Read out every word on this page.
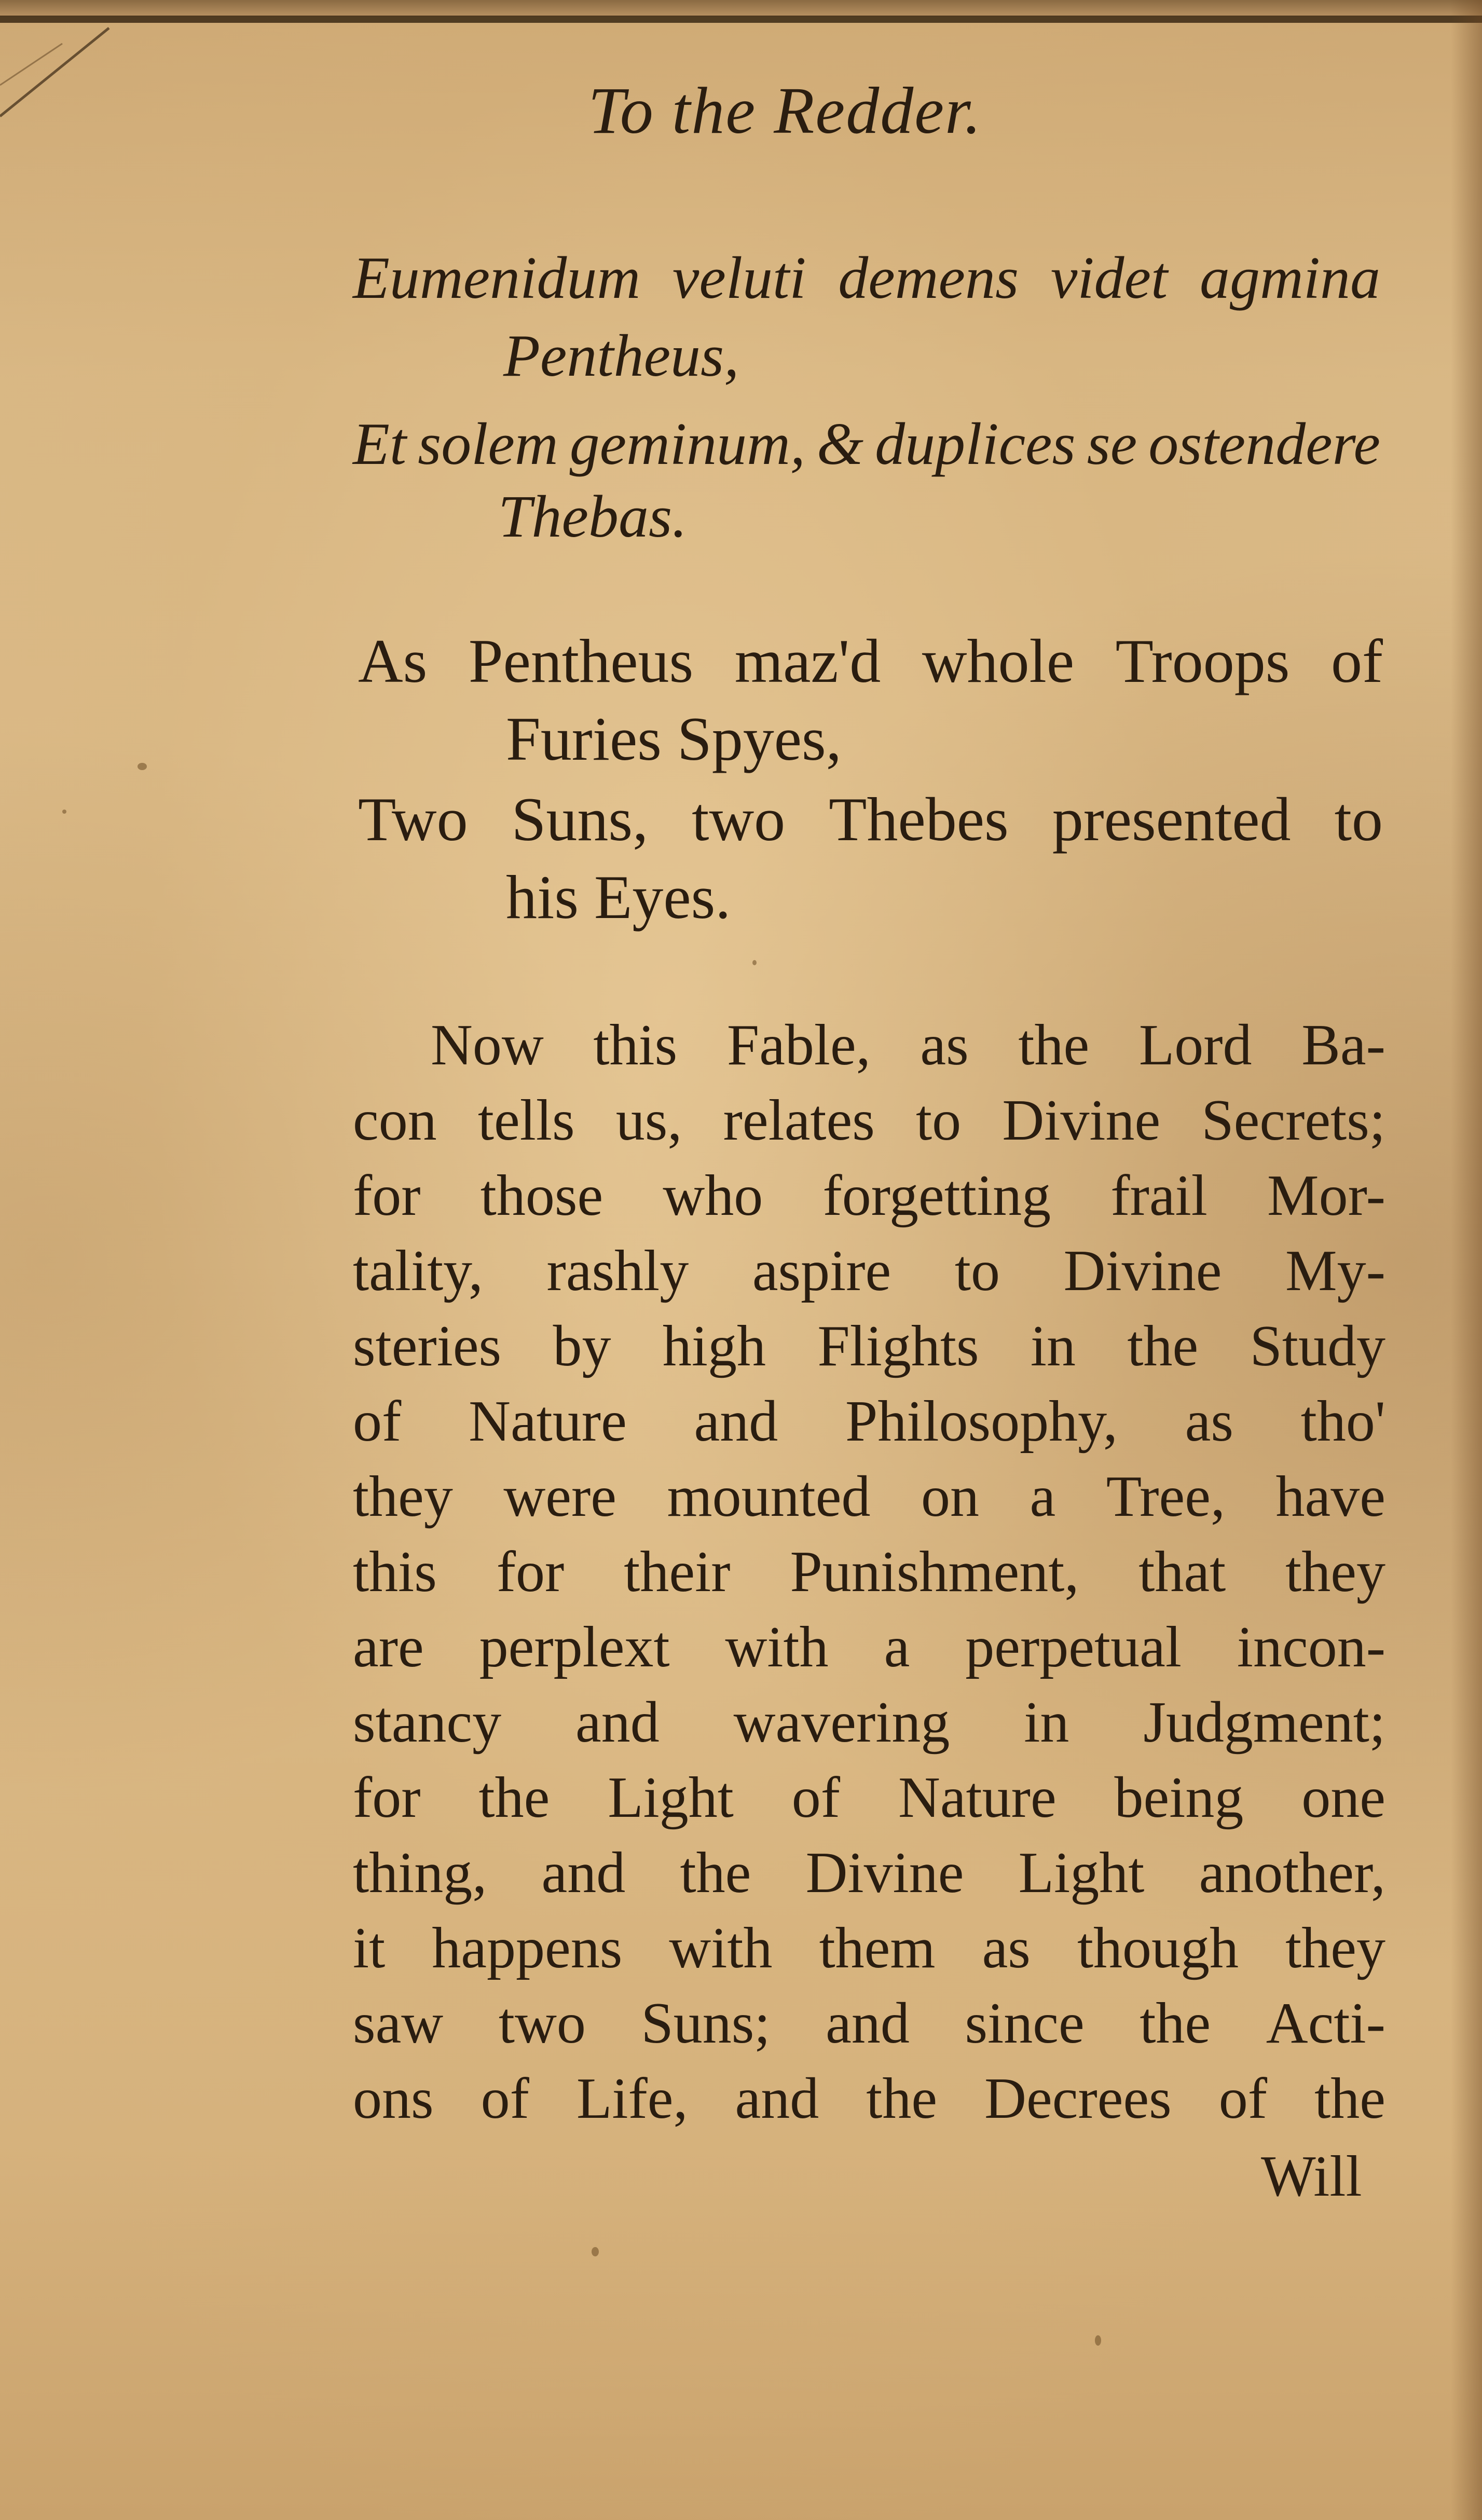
To the Redder.
Eumenidum veluti demens videt agmina
Pentheus,
Et solem geminum, & duplices se ostendere
Thebas.
As Pentheus maz'd whole Troops of
Furies Spyes,
Two Suns, two Thebes presented to
his Eyes.
Now this Fable, as the Lord Ba-
con tells us, relates to Divine Secrets;
for those who forgetting frail Mor-
tality, rashly aspire to Divine My-
steries by high Flights in the Study
of Nature and Philosophy, as tho'
they were mounted on a Tree, have
this for their Punishment, that they
are perplext with a perpetual incon-
stancy and wavering in Judgment;
for the Light of Nature being one
thing, and the Divine Light another,
it happens with them as though they
saw two Suns; and since the Acti-
ons of Life, and the Decrees of the
Will
